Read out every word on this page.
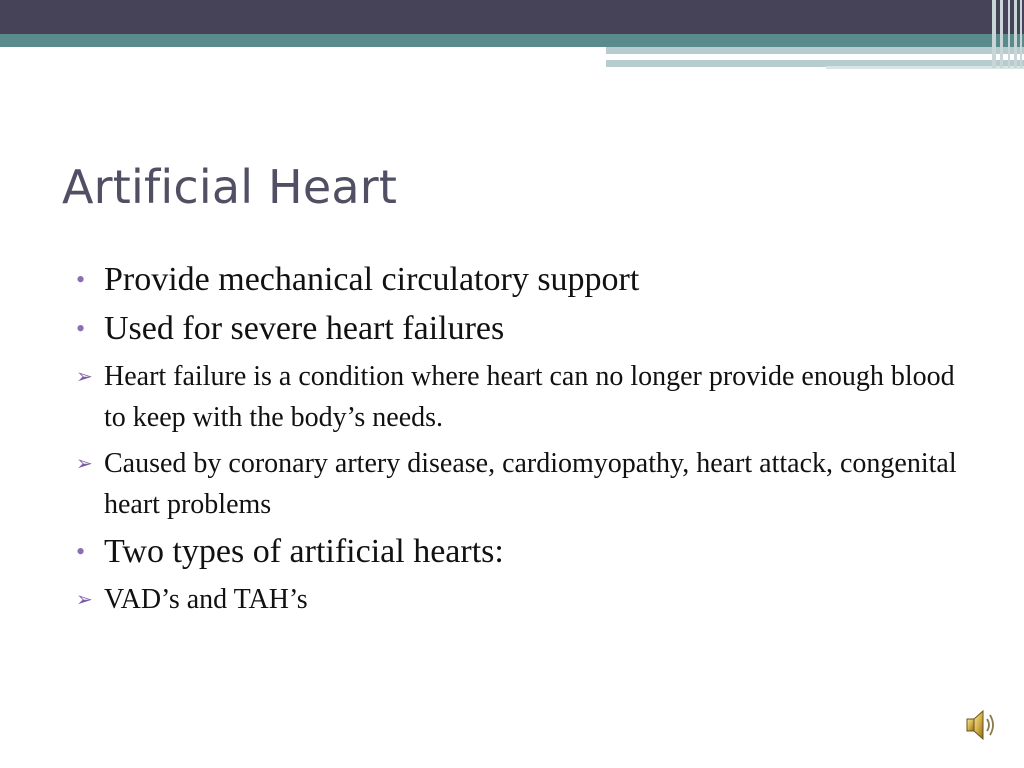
Artificial Heart
• Provide mechanical circulatory support
• Used for severe heart failures
➢ Heart failure is a condition where heart can no longer provide enough blood to keep with the body’s needs.
➢ Caused by coronary artery disease, cardiomyopathy, heart attack, congenital heart problems
• Two types of artificial hearts:
➢ VAD’s and TAH’s
